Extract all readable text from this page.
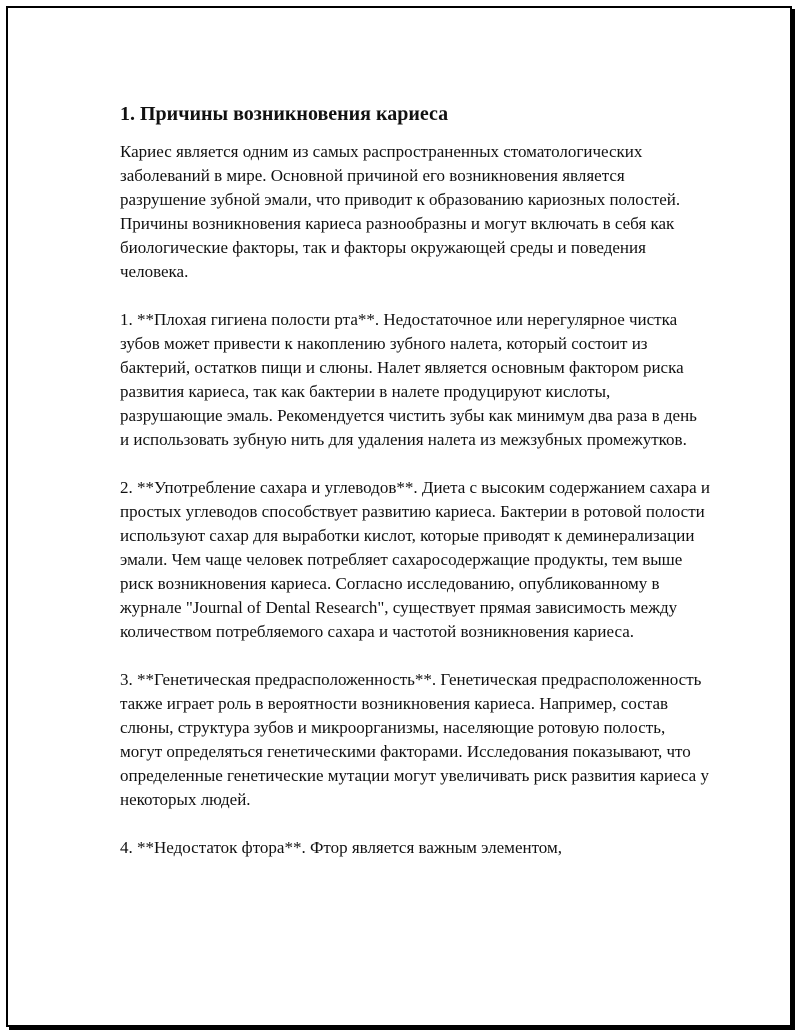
1. Причины возникновения кариеса

Кариес является одним из самых распространенных стоматологических заболеваний в мире. Основной причиной его возникновения является разрушение зубной эмали, что приводит к образованию кариозных полостей. Причины возникновения кариеса разнообразны и могут включать в себя как биологические факторы, так и факторы окружающей среды и поведения человека.

1. **Плохая гигиена полости рта**. Недостаточное или нерегулярное чистка зубов может привести к накоплению зубного налета, который состоит из бактерий, остатков пищи и слюны. Налет является основным фактором риска развития кариеса, так как бактерии в налете продуцируют кислоты, разрушающие эмаль. Рекомендуется чистить зубы как минимум два раза в день и использовать зубную нить для удаления налета из межзубных промежутков.

2. **Употребление сахара и углеводов**. Диета с высоким содержанием сахара и простых углеводов способствует развитию кариеса. Бактерии в ротовой полости используют сахар для выработки кислот, которые приводят к деминерализации эмали. Чем чаще человек потребляет сахаросодержащие продукты, тем выше риск возникновения кариеса. Согласно исследованию, опубликованному в журнале "Journal of Dental Research", существует прямая зависимость между количеством потребляемого сахара и частотой возникновения кариеса.

3. **Генетическая предрасположенность**. Генетическая предрасположенность также играет роль в вероятности возникновения кариеса. Например, состав слюны, структура зубов и микроорганизмы, населяющие ротовую полость, могут определяться генетическими факторами. Исследования показывают, что определенные генетические мутации могут увеличивать риск развития кариеса у некоторых людей.

4. **Недостаток фтора**. Фтор является важным элементом,
